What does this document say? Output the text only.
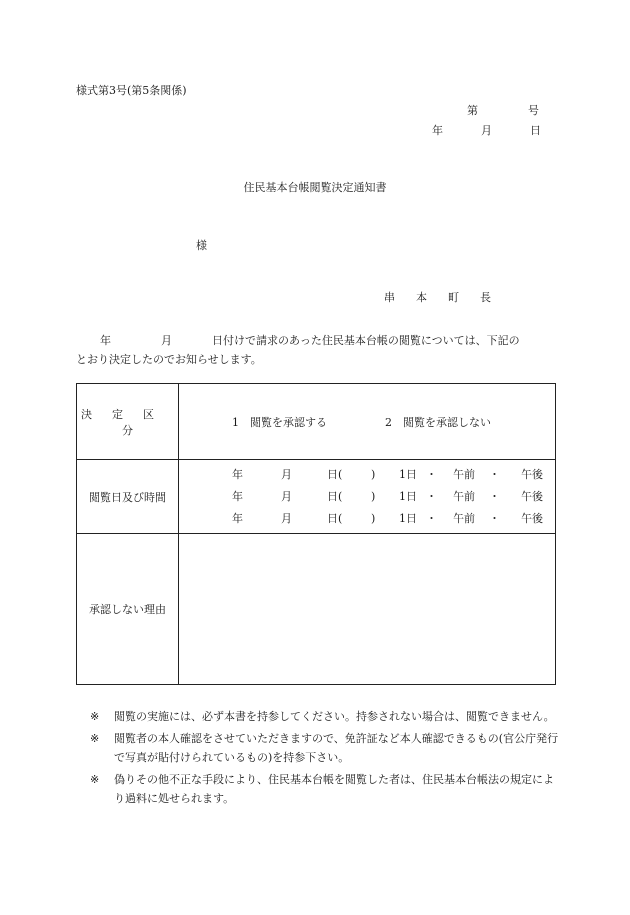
様式第3号(第5条関係)
第	号
年	月	日
住民基本台帳閲覧決定通知書
様
串 本 町 長
年	月	日付けで請求のあった住民基本台帳の閲覧については、下記の
とおり決定したのでお知らせします。
決 定 区分	1　閲覧を承認する 2　閲覧を承認しない
閲覧日及び時間	年 月 日( ) 1日 ・ 午前 ・ 午後
年 月 日( ) 1日 ・ 午前 ・ 午後
年 月 日( ) 1日 ・ 午前 ・ 午後

承認しない理由	
※ 閲覧の実施には、必ず本書を持参してください。持参されない場合は、閲覧できません。
※ 閲覧者の本人確認をさせていただきますので、免許証など本人確認できるもの(官公庁発行で写真が貼付けられているもの)を持参下さい。
※ 偽りその他不正な手段により、住民基本台帳を閲覧した者は、住民基本台帳法の規定により過料に処せられます。
